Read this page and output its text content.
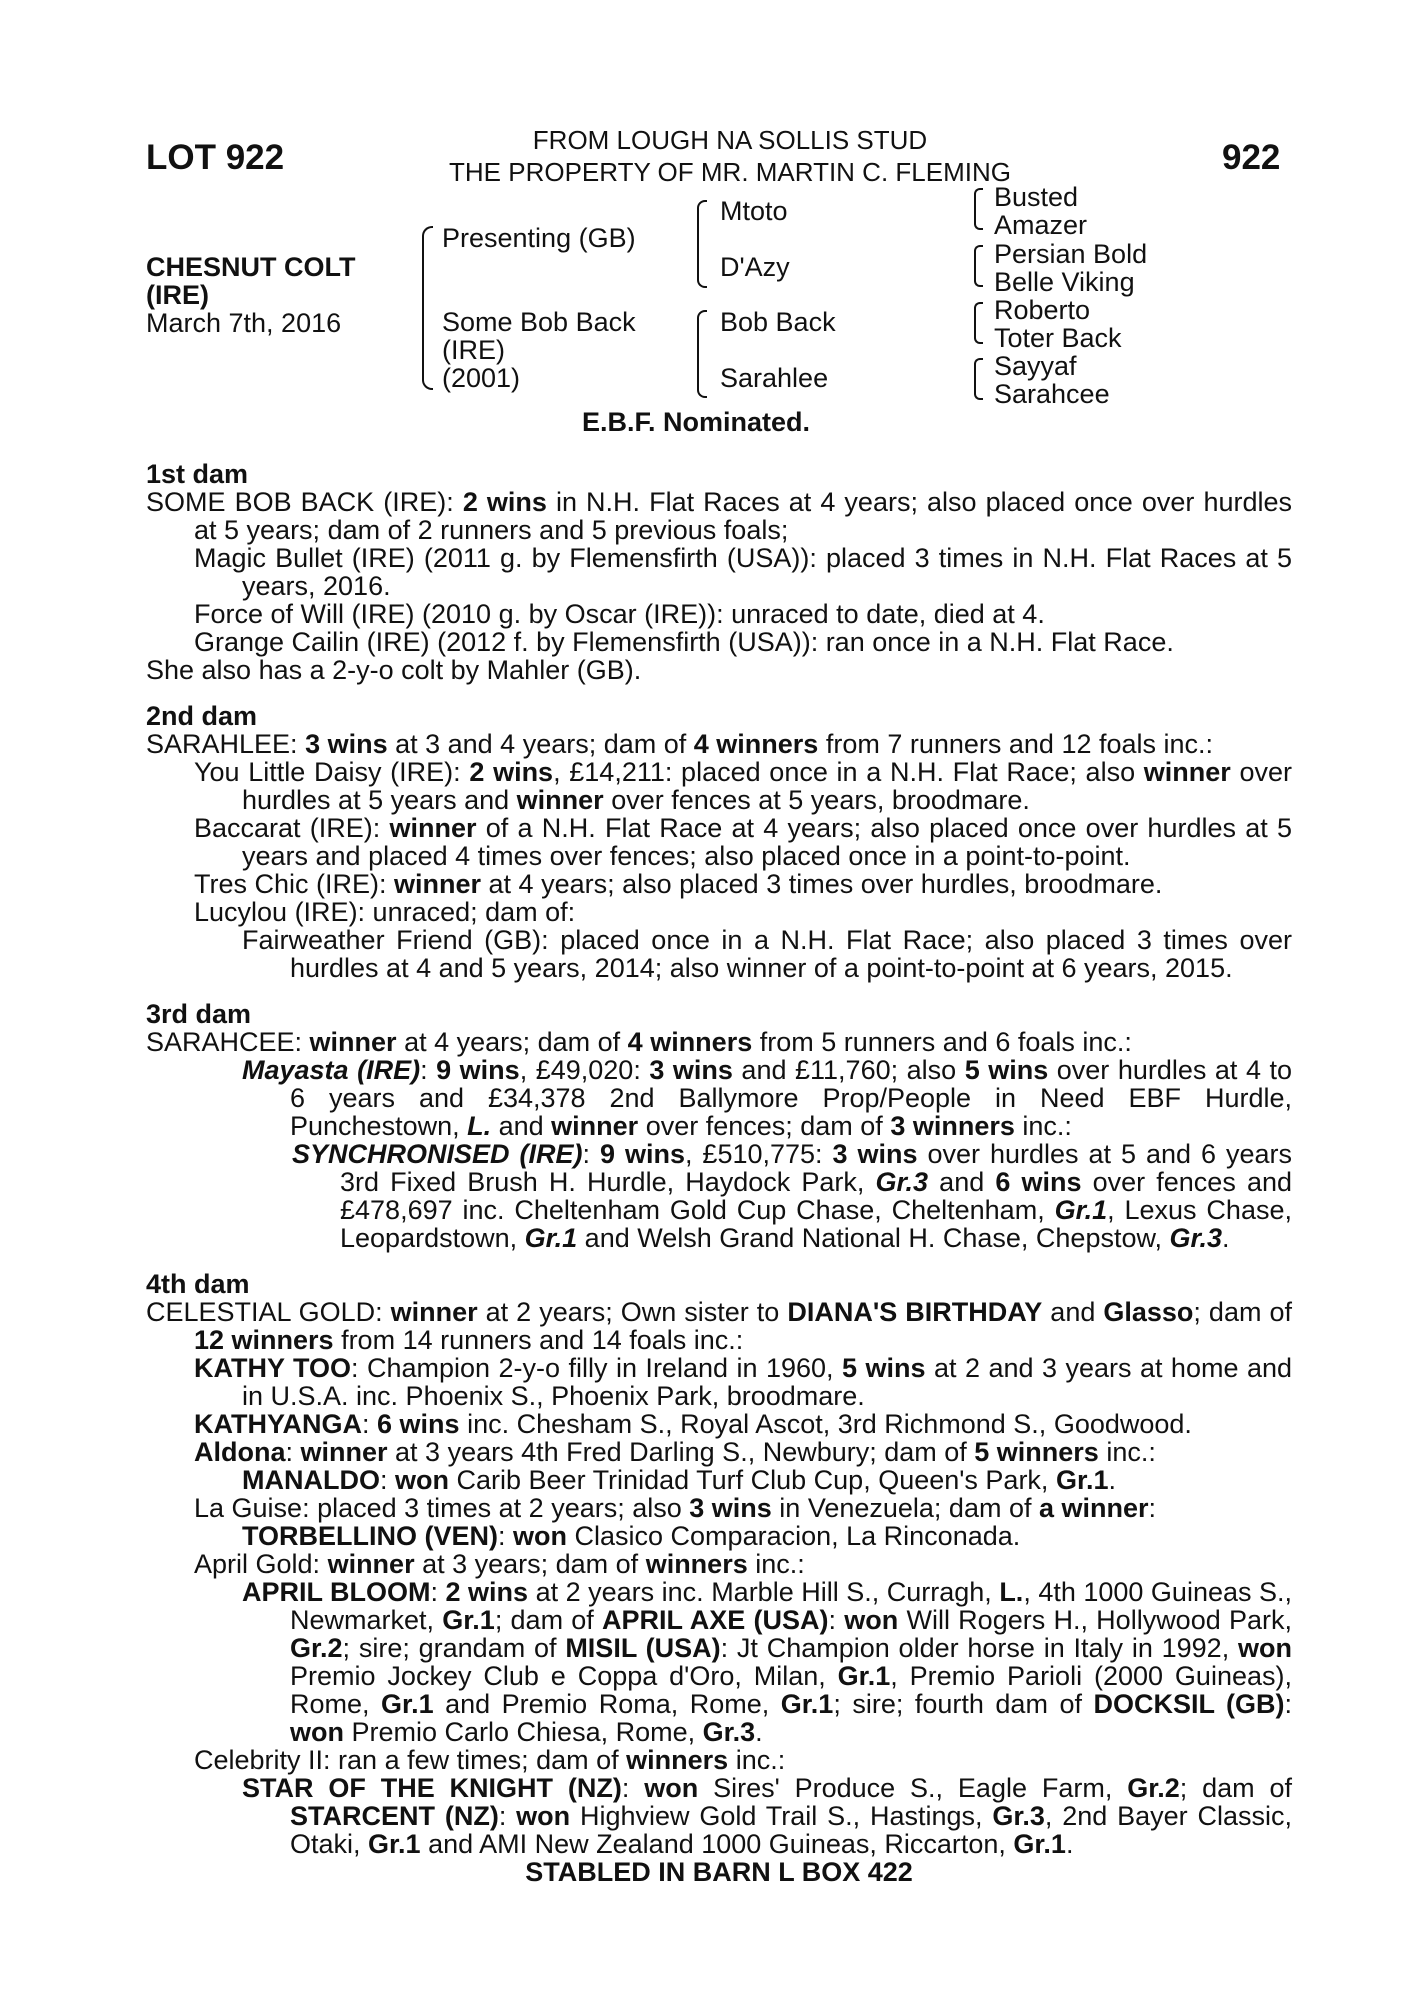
LOT 922	922
FROM LOUGH NA SOLLIS STUD
THE PROPERTY OF MR. MARTIN C. FLEMING
CHESNUT COLT
(IRE)
March 7th, 2016
Presenting (GB)
Some Bob Back
(IRE)
(2001)
Mtoto
D'Azy
Bob Back
Sarahlee
Busted
Amazer
Persian Bold
Belle Viking
Roberto
Toter Back
Sayyaf
Sarahcee
E.B.F. Nominated.
1st dam
SOME BOB BACK (IRE): 2 wins in N.H. Flat Races at 4 years; also placed once over hurdles at 5 years; dam of 2 runners and 5 previous foals;
Magic Bullet (IRE) (2011 g. by Flemensfirth (USA)): placed 3 times in N.H. Flat Races at 5 years, 2016.
Force of Will (IRE) (2010 g. by Oscar (IRE)): unraced to date, died at 4.
Grange Cailin (IRE) (2012 f. by Flemensfirth (USA)): ran once in a N.H. Flat Race.
She also has a 2-y-o colt by Mahler (GB).
2nd dam
SARAHLEE: 3 wins at 3 and 4 years; dam of 4 winners from 7 runners and 12 foals inc.:
You Little Daisy (IRE): 2 wins, £14,211: placed once in a N.H. Flat Race; also winner over hurdles at 5 years and winner over fences at 5 years, broodmare.
Baccarat (IRE): winner of a N.H. Flat Race at 4 years; also placed once over hurdles at 5 years and placed 4 times over fences; also placed once in a point-to-point.
Tres Chic (IRE): winner at 4 years; also placed 3 times over hurdles, broodmare.
Lucylou (IRE): unraced; dam of:
Fairweather Friend (GB): placed once in a N.H. Flat Race; also placed 3 times over hurdles at 4 and 5 years, 2014; also winner of a point-to-point at 6 years, 2015.
3rd dam
SARAHCEE: winner at 4 years; dam of 4 winners from 5 runners and 6 foals inc.:
Mayasta (IRE): 9 wins, £49,020: 3 wins and £11,760; also 5 wins over hurdles at 4 to 6 years and £34,378 2nd Ballymore Prop/People in Need EBF Hurdle, Punchestown, L. and winner over fences; dam of 3 winners inc.:
SYNCHRONISED (IRE): 9 wins, £510,775: 3 wins over hurdles at 5 and 6 years 3rd Fixed Brush H. Hurdle, Haydock Park, Gr.3 and 6 wins over fences and £478,697 inc. Cheltenham Gold Cup Chase, Cheltenham, Gr.1, Lexus Chase, Leopardstown, Gr.1 and Welsh Grand National H. Chase, Chepstow, Gr.3.
4th dam
CELESTIAL GOLD: winner at 2 years; Own sister to DIANA'S BIRTHDAY and Glasso; dam of 12 winners from 14 runners and 14 foals inc.:
KATHY TOO: Champion 2-y-o filly in Ireland in 1960, 5 wins at 2 and 3 years at home and in U.S.A. inc. Phoenix S., Phoenix Park, broodmare.
KATHYANGA: 6 wins inc. Chesham S., Royal Ascot, 3rd Richmond S., Goodwood.
Aldona: winner at 3 years 4th Fred Darling S., Newbury; dam of 5 winners inc.:
MANALDO: won Carib Beer Trinidad Turf Club Cup, Queen's Park, Gr.1.
La Guise: placed 3 times at 2 years; also 3 wins in Venezuela; dam of a winner:
TORBELLINO (VEN): won Clasico Comparacion, La Rinconada.
April Gold: winner at 3 years; dam of winners inc.:
APRIL BLOOM: 2 wins at 2 years inc. Marble Hill S., Curragh, L., 4th 1000 Guineas S., Newmarket, Gr.1; dam of APRIL AXE (USA): won Will Rogers H., Hollywood Park, Gr.2; sire; grandam of MISIL (USA): Jt Champion older horse in Italy in 1992, won Premio Jockey Club e Coppa d'Oro, Milan, Gr.1, Premio Parioli (2000 Guineas), Rome, Gr.1 and Premio Roma, Rome, Gr.1; sire; fourth dam of DOCKSIL (GB): won Premio Carlo Chiesa, Rome, Gr.3.
Celebrity II: ran a few times; dam of winners inc.:
STAR OF THE KNIGHT (NZ): won Sires' Produce S., Eagle Farm, Gr.2; dam of STARCENT (NZ): won Highview Gold Trail S., Hastings, Gr.3, 2nd Bayer Classic, Otaki, Gr.1 and AMI New Zealand 1000 Guineas, Riccarton, Gr.1.
STABLED IN BARN L BOX 422
